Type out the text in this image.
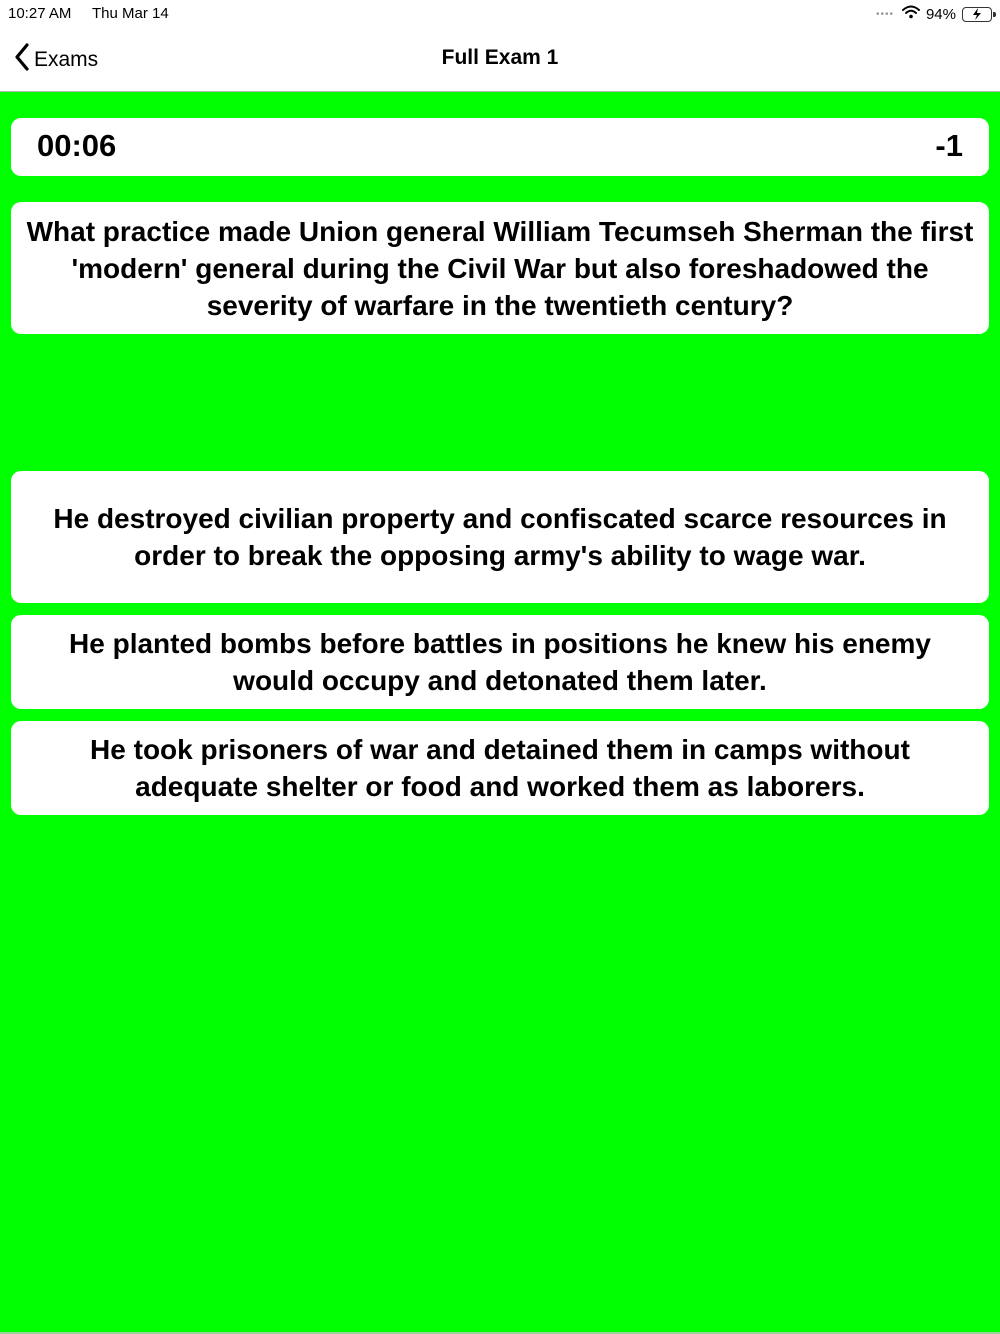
10:27 AM Thu Mar 14	•••• 94%
Exams	Full Exam 1
00:06	-1
What practice made Union general William Tecumseh Sherman the first 'modern' general during the Civil War but also foreshadowed the severity of warfare in the twentieth century?
He destroyed civilian property and confiscated scarce resources in order to break the opposing army's ability to wage war.
He planted bombs before battles in positions he knew his enemy would occupy and detonated them later.
He took prisoners of war and detained them in camps without adequate shelter or food and worked them as laborers.
